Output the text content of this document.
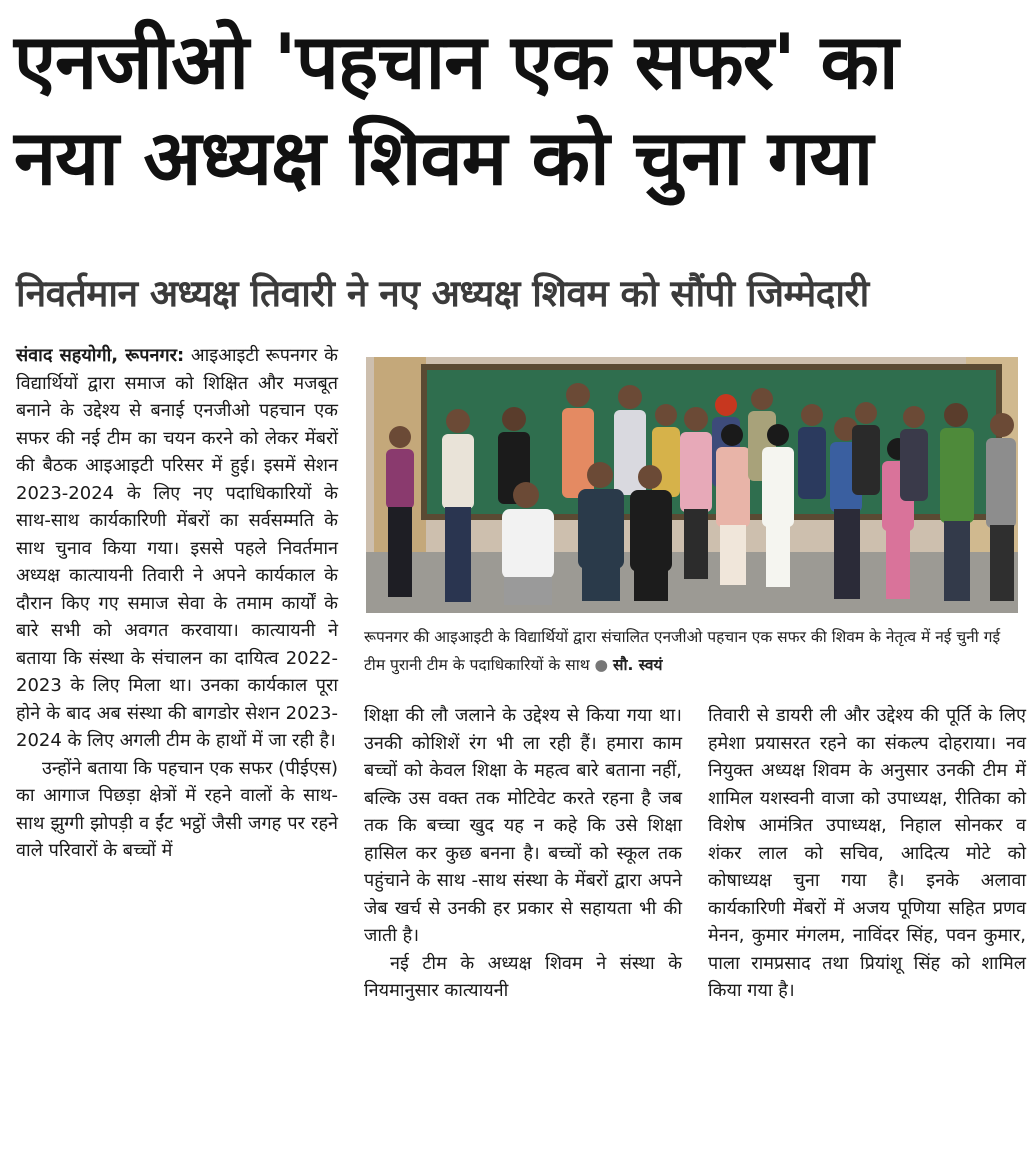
एनजीओ 'पहचान एक सफर' का
नया अध्यक्ष शिवम को चुना गया
निवर्तमान अध्यक्ष तिवारी ने नए अध्यक्ष शिवम को सौंपी जिम्मेदारी

संवाद सहयोगी, रूपनगर: आइआइटी रूपनगर के विद्यार्थियों द्वारा समाज को शिक्षित और मजबूत बनाने के उद्देश्य से बनाई एनजीओ पहचान एक सफर की नई टीम का चयन करने को लेकर मेंबरों की बैठक आइआइटी परिसर में हुई। इसमें सेशन 2023-2024 के लिए नए पदाधिकारियों के साथ-साथ कार्यकारिणी मेंबरों का सर्वसम्मति के साथ चुनाव किया गया। इससे पहले निवर्तमान अध्यक्ष कात्यायनी तिवारी ने अपने कार्यकाल के दौरान किए गए समाज सेवा के तमाम कार्यों के बारे सभी को अवगत करवाया। कात्यायनी ने बताया कि संस्था के संचालन का दायित्व 2022-2023 के लिए मिला था। उनका कार्यकाल पूरा होने के बाद अब संस्था की बागडोर सेशन 2023-2024 के लिए अगली टीम के हाथों में जा रही है।

उन्होंने बताया कि पहचान एक सफर (पीईएस) का आगाज पिछड़ा क्षेत्रों में रहने वालों के साथ-साथ झुग्गी झोपड़ी व ईंट भट्ठों जैसी जगह पर रहने वाले परिवारों के बच्चों में

रूपनगर की आइआइटी के विद्यार्थियों द्वारा संचालित एनजीओ पहचान एक सफर की शिवम के नेतृत्व में नई चुनी गई टीम पुरानी टीम के पदाधिकारियों के साथ ● सौ. स्वयं

शिक्षा की लौ जलाने के उद्देश्य से किया गया था। उनकी कोशिशें रंग भी ला रही हैं। हमारा काम बच्चों को केवल शिक्षा के महत्व बारे बताना नहीं, बल्कि उस वक्त तक मोटिवेट करते रहना है जब तक कि बच्चा खुद यह न कहे कि उसे शिक्षा हासिल कर कुछ बनना है। बच्चों को स्कूल तक पहुंचाने के साथ -साथ संस्था के मेंबरों द्वारा अपने जेब खर्च से उनकी हर प्रकार से सहायता भी की जाती है।

नई टीम के अध्यक्ष शिवम ने संस्था के नियमानुसार कात्यायनी

तिवारी से डायरी ली और उद्देश्य की पूर्ति के लिए हमेशा प्रयासरत रहने का संकल्प दोहराया। नव नियुक्त अध्यक्ष शिवम के अनुसार उनकी टीम में शामिल यशस्वनी वाजा को उपाध्यक्ष, रीतिका को विशेष आमंत्रित उपाध्यक्ष, निहाल सोनकर व शंकर लाल को सचिव, आदित्य मोटे को कोषाध्यक्ष चुना गया है। इनके अलावा कार्यकारिणी मेंबरों में अजय पूणिया सहित प्रणव मेनन, कुमार मंगलम, नाविंदर सिंह, पवन कुमार, पाला रामप्रसाद तथा प्रियांशू सिंह को शामिल किया गया है।
